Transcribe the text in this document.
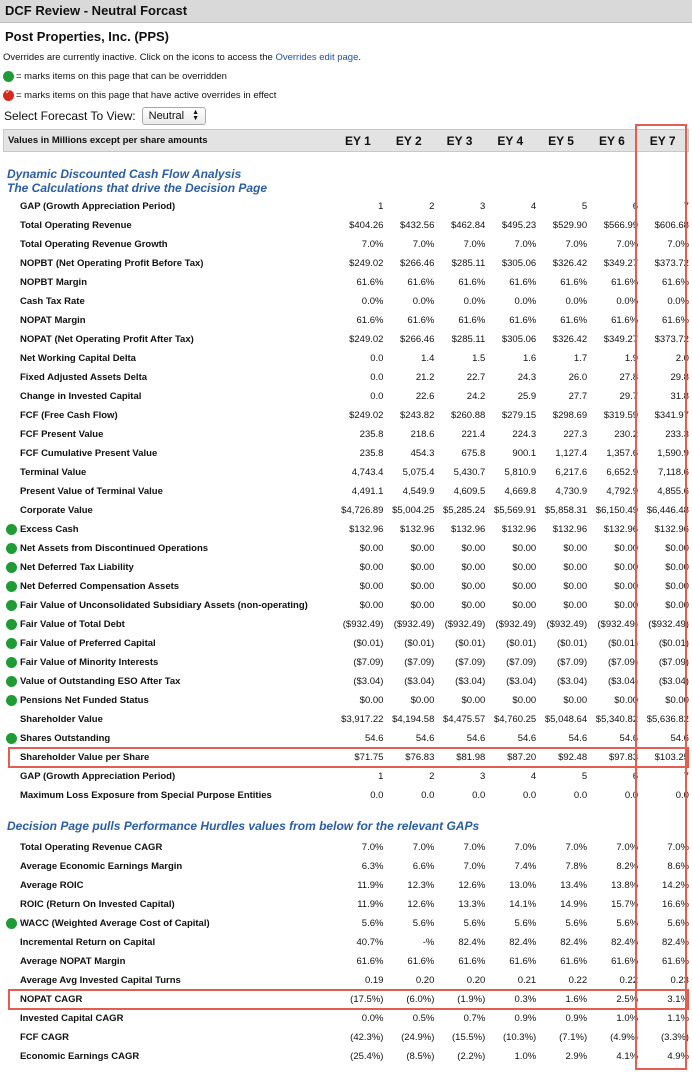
DCF Review - Neutral Forcast
Post Properties, Inc. (PPS)
Overrides are currently inactive. Click on the icons to access the Overrides edit page.
= marks items on this page that can be overridden
✓
= marks items on this page that have active overrides in effect
Select Forecast To View: Neutral ▲
▼
Values in Millions except per share amounts	EY 1	EY 2	EY 3	EY 4	EY 5	EY 6	EY 7
Dynamic Discounted Cash Flow Analysis
The Calculations that drive the Decision Page
GAP (Growth Appreciation Period)	1	2	3	4	5	6	7
Total Operating Revenue	$404.26	$432.56	$462.84	$495.23	$529.90	$566.99	$606.68
Total Operating Revenue Growth	7.0%	7.0%	7.0%	7.0%	7.0%	7.0%	7.0%
NOPBT (Net Operating Profit Before Tax)	$249.02	$266.46	$285.11	$305.06	$326.42	$349.27	$373.72
NOPBT Margin	61.6%	61.6%	61.6%	61.6%	61.6%	61.6%	61.6%
Cash Tax Rate	0.0%	0.0%	0.0%	0.0%	0.0%	0.0%	0.0%
NOPAT Margin	61.6%	61.6%	61.6%	61.6%	61.6%	61.6%	61.6%
NOPAT (Net Operating Profit After Tax)	$249.02	$266.46	$285.11	$305.06	$326.42	$349.27	$373.72
Net Working Capital Delta	0.0	1.4	1.5	1.6	1.7	1.9	2.0
Fixed Adjusted Assets Delta	0.0	21.2	22.7	24.3	26.0	27.8	29.8
Change in Invested Capital	0.0	22.6	24.2	25.9	27.7	29.7	31.8
FCF (Free Cash Flow)	$249.02	$243.82	$260.88	$279.15	$298.69	$319.59	$341.97
FCF Present Value	235.8	218.6	221.4	224.3	227.3	230.2	233.3
FCF Cumulative Present Value	235.8	454.3	675.8	900.1	1,127.4	1,357.6	1,590.9
Terminal Value	4,743.4	5,075.4	5,430.7	5,810.9	6,217.6	6,652.9	7,118.6
Present Value of Terminal Value	4,491.1	4,549.9	4,609.5	4,669.8	4,730.9	4,792.9	4,855.6
Corporate Value	$4,726.89 $5,004.25 $5,285.24 $5,569.91 $5,858.31 $6,150.49 $6,446.48
Excess Cash	$132.96	$132.96	$132.96	$132.96	$132.96	$132.96	$132.96
Net Assets from Discontinued Operations	$0.00	$0.00	$0.00	$0.00	$0.00	$0.00	$0.00
Net Deferred Tax Liability	$0.00	$0.00	$0.00	$0.00	$0.00	$0.00	$0.00
Net Deferred Compensation Assets	$0.00	$0.00	$0.00	$0.00	$0.00	$0.00	$0.00
Fair Value of Unconsolidated Subsidiary Assets (non-operating)	$0.00	$0.00	$0.00	$0.00	$0.00	$0.00	$0.00
Fair Value of Total Debt	($932.49)	($932.49)	($932.49)	($932.49)	($932.49)	($932.49)	($932.49)
Fair Value of Preferred Capital	($0.01)	($0.01)	($0.01)	($0.01)	($0.01)	($0.01)	($0.01)
Fair Value of Minority Interests	($7.09)	($7.09)	($7.09)	($7.09)	($7.09)	($7.09)	($7.09)
Value of Outstanding ESO After Tax	($3.04)	($3.04)	($3.04)	($3.04)	($3.04)	($3.04)	($3.04)
Pensions Net Funded Status	$0.00	$0.00	$0.00	$0.00	$0.00	$0.00	$0.00
Shareholder Value	$3,917.22 $4,194.58 $4,475.57 $4,760.25 $5,048.64 $5,340.82 $5,636.82
Shares Outstanding	54.6	54.6	54.6	54.6	54.6	54.6	54.6
Shareholder Value per Share	$71.75	$76.83	$81.98	$87.20	$92.48	$97.83	$103.25
GAP (Growth Appreciation Period)	1	2	3	4	5	6	7
Maximum Loss Exposure from Special Purpose Entities	0.0	0.0	0.0	0.0	0.0	0.0	0.0
Decision Page pulls Performance Hurdles values from below for the relevant GAPs
Total Operating Revenue CAGR	7.0%	7.0%	7.0%	7.0%	7.0%	7.0%	7.0%
Average Economic Earnings Margin	6.3%	6.6%	7.0%	7.4%	7.8%	8.2%	8.6%
Average ROIC	11.9%	12.3%	12.6%	13.0%	13.4%	13.8%	14.2%
ROIC (Return On Invested Capital)	11.9%	12.6%	13.3%	14.1%	14.9%	15.7%	16.6%
WACC (Weighted Average Cost of Capital)	5.6%	5.6%	5.6%	5.6%	5.6%	5.6%	5.6%
Incremental Return on Capital	40.7%	-%	82.4%	82.4%	82.4%	82.4%	82.4%
Average NOPAT Margin	61.6%	61.6%	61.6%	61.6%	61.6%	61.6%	61.6%
Average Avg Invested Capital Turns	0.19	0.20	0.20	0.21	0.22	0.22	0.23
NOPAT CAGR	(17.5%)	(6.0%)	(1.9%)	0.3%	1.6%	2.5%	3.1%
Invested Capital CAGR	0.0%	0.5%	0.7%	0.9%	0.9%	1.0%	1.1%
FCF CAGR	(42.3%)	(24.9%)	(15.5%)	(10.3%)	(7.1%)	(4.9%)	(3.3%)
Economic Earnings CAGR	(25.4%)	(8.5%)	(2.2%)	1.0%	2.9%	4.1%	4.9%
